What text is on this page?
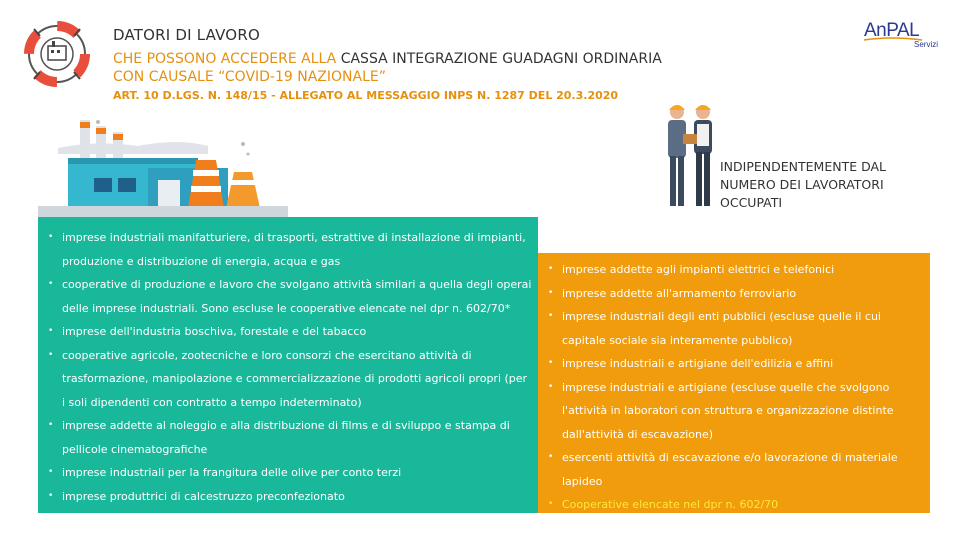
DATORI DI LAVORO
CHE POSSONO ACCEDERE ALLA CASSA INTEGRAZIONE GUADAGNI ORDINARIA
CON CAUSALE “COVID-19 NAZIONALE”
ART. 10 D.LGS. N. 148/15 - ALLEGATO AL MESSAGGIO INPS N. 1287 DEL 20.3.2020
AnPAL
Servizi
INDIPENDENTEMENTE DAL NUMERO DEI LAVORATORI OCCUPATI
• imprese industriali manifatturiere, di trasporti, estrattive di installazione di impianti, produzione e distribuzione di energia, acqua e gas
• cooperative di produzione e lavoro che svolgano attività similari a quella degli operai delle imprese industriali. Sono escluse le cooperative elencate nel dpr n. 602/70*
• imprese dell'industria boschiva, forestale e del tabacco
• cooperative agricole, zootecniche e loro consorzi che esercitano attività di trasformazione, manipolazione e commercializzazione di prodotti agricoli propri (per i soli dipendenti con contratto a tempo indeterminato)
• imprese addette al noleggio e alla distribuzione di films e di sviluppo e stampa di pellicole cinematografiche
• imprese industriali per la frangitura delle olive per conto terzi
• imprese produttrici di calcestruzzo preconfezionato
• imprese addette agli impianti elettrici e telefonici
• imprese addette all'armamento ferroviario
• imprese industriali degli enti pubblici (escluse quelle il cui capitale sociale sia interamente pubblico)
• imprese industriali e artigiane dell'edilizia e affini
• imprese industriali e artigiane (escluse quelle che svolgono l'attività in laboratori con struttura e organizzazione distinte dall'attività di escavazione)
• esercenti attività di escavazione e/o lavorazione di materiale lapideo
• Cooperative elencate nel dpr n. 602/70
